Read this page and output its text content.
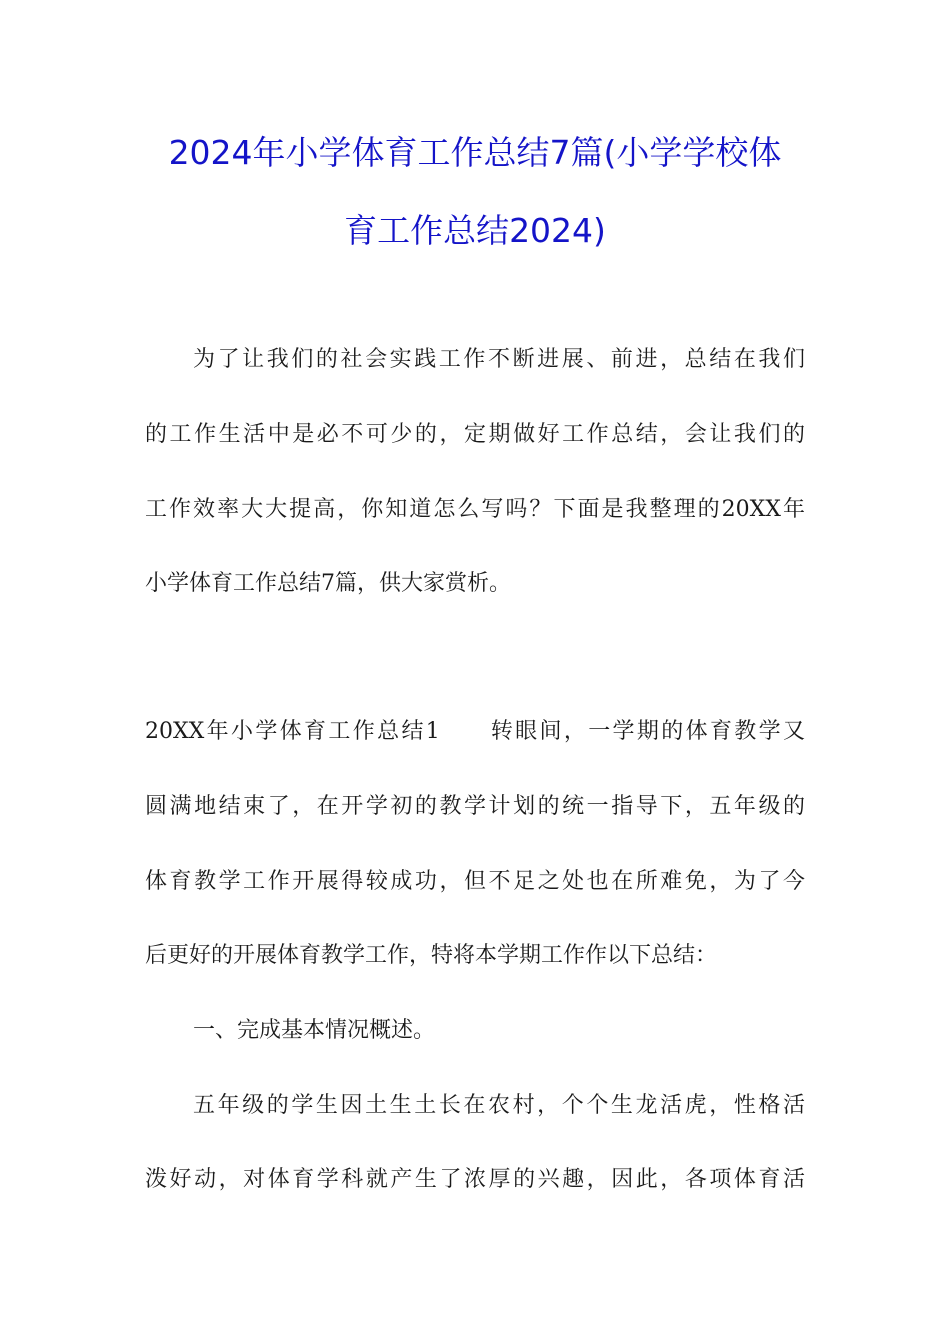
2024年小学体育工作总结7篇(小学学校体
育工作总结2024)
为了让我们的社会实践工作不断进展、前进，总结在我们
的工作生活中是必不可少的，定期做好工作总结，会让我们的
工作效率大大提高，你知道怎么写吗？下面是我整理的20XX年
小学体育工作总结7篇，供大家赏析。
20XX年小学体育工作总结1　　转眼间，一学期的体育教学又
圆满地结束了，在开学初的教学计划的统一指导下，五年级的
体育教学工作开展得较成功，但不足之处也在所难免，为了今
后更好的开展体育教学工作，特将本学期工作作以下总结：
一、完成基本情况概述。
五年级的学生因土生土长在农村，个个生龙活虎，性格活
泼好动，对体育学科就产生了浓厚的兴趣，因此，各项体育活
